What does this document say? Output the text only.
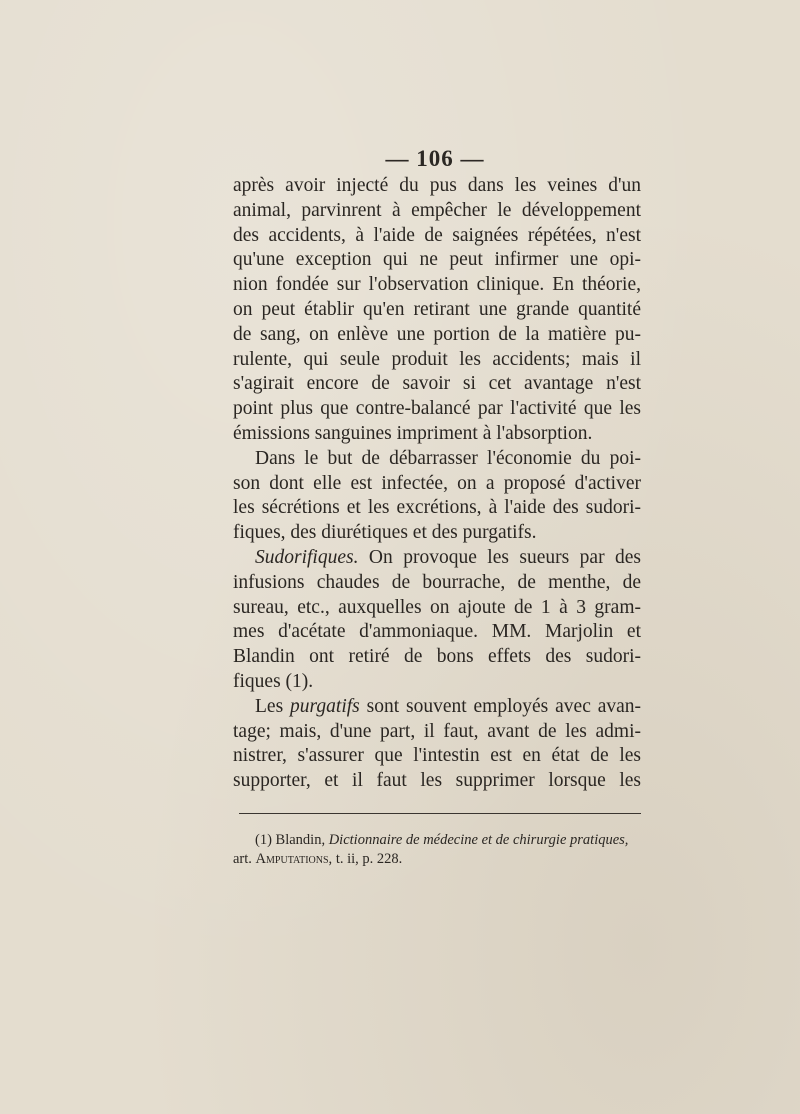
— 106 —

après avoir injecté du pus dans les veines d'un
animal, parvinrent à empêcher le développement
des accidents, à l'aide de saignées répétées, n'est
qu'une exception qui ne peut infirmer une opi-
nion fondée sur l'observation clinique. En théorie,
on peut établir qu'en retirant une grande quantité
de sang, on enlève une portion de la matière pu-
rulente, qui seule produit les accidents; mais il
s'agirait encore de savoir si cet avantage n'est
point plus que contre-balancé par l'activité que les
émissions sanguines impriment à l'absorption.

Dans le but de débarrasser l'économie du poi-
son dont elle est infectée, on a proposé d'activer
les sécrétions et les excrétions, à l'aide des sudori-
fiques, des diurétiques et des purgatifs.

Sudorifiques. On provoque les sueurs par des
infusions chaudes de bourrache, de menthe, de
sureau, etc., auxquelles on ajoute de 1 à 3 gram-
mes d'acétate d'ammoniaque. MM. Marjolin et
Blandin ont retiré de bons effets des sudori-
fiques (1).

Les purgatifs sont souvent employés avec avan-
tage; mais, d'une part, il faut, avant de les admi-
nistrer, s'assurer que l'intestin est en état de les
supporter, et il faut les supprimer lorsque les

(1) Blandin, Dictionnaire de médecine et de chirurgie pratiques,
art. Amputations, t. ii, p. 228.
